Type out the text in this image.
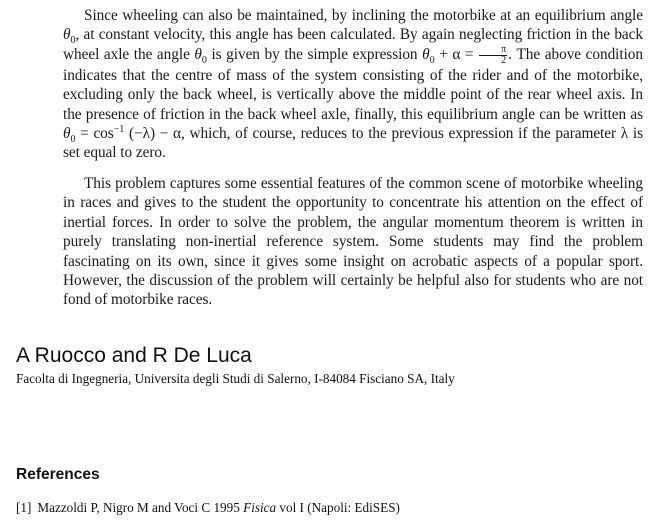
Since wheeling can also be maintained, by inclining the motorbike at an equilibrium angle $\theta_0$, at constant velocity, this angle has been calculated. By again neglecting friction in the back wheel axle the angle $\theta_0$ is given by the simple expression $\theta_0 + \alpha = \frac{\pi}{2}$ . The above condition indicates that the centre of mass of the system consisting of the rider and of the motorbike, excluding only the back wheel, is vertically above the middle point of the rear wheel axis. In the presence of friction in the back wheel axle, finally, this equilibrium angle can be written as $\theta_0 = \cos^{-1} (-\lambda) - \alpha$, which, of course, reduces to the previous expression if the parameter λ is set equal to zero.

This problem captures some essential features of the common scene of motorbike wheeling in races and gives to the student the opportunity to concentrate his attention on the effect of inertial forces. In order to solve the problem, the angular momentum theorem is written in purely translating non-inertial reference system. Some students may find the problem fascinating on its own, since it gives some insight on acrobatic aspects of a popular sport. However, the discussion of the problem will certainly be helpful also for students who are not fond of motorbike races.

A Ruocco and R De Luca

Facolta di Ingegneria, Universita degli Studi di Salerno, I-84084 Fisciano SA, Italy

References

[1] Mazzoldi P, Nigro M and Voci C 1995 Fisica vol I (Napoli: EdiSES)
